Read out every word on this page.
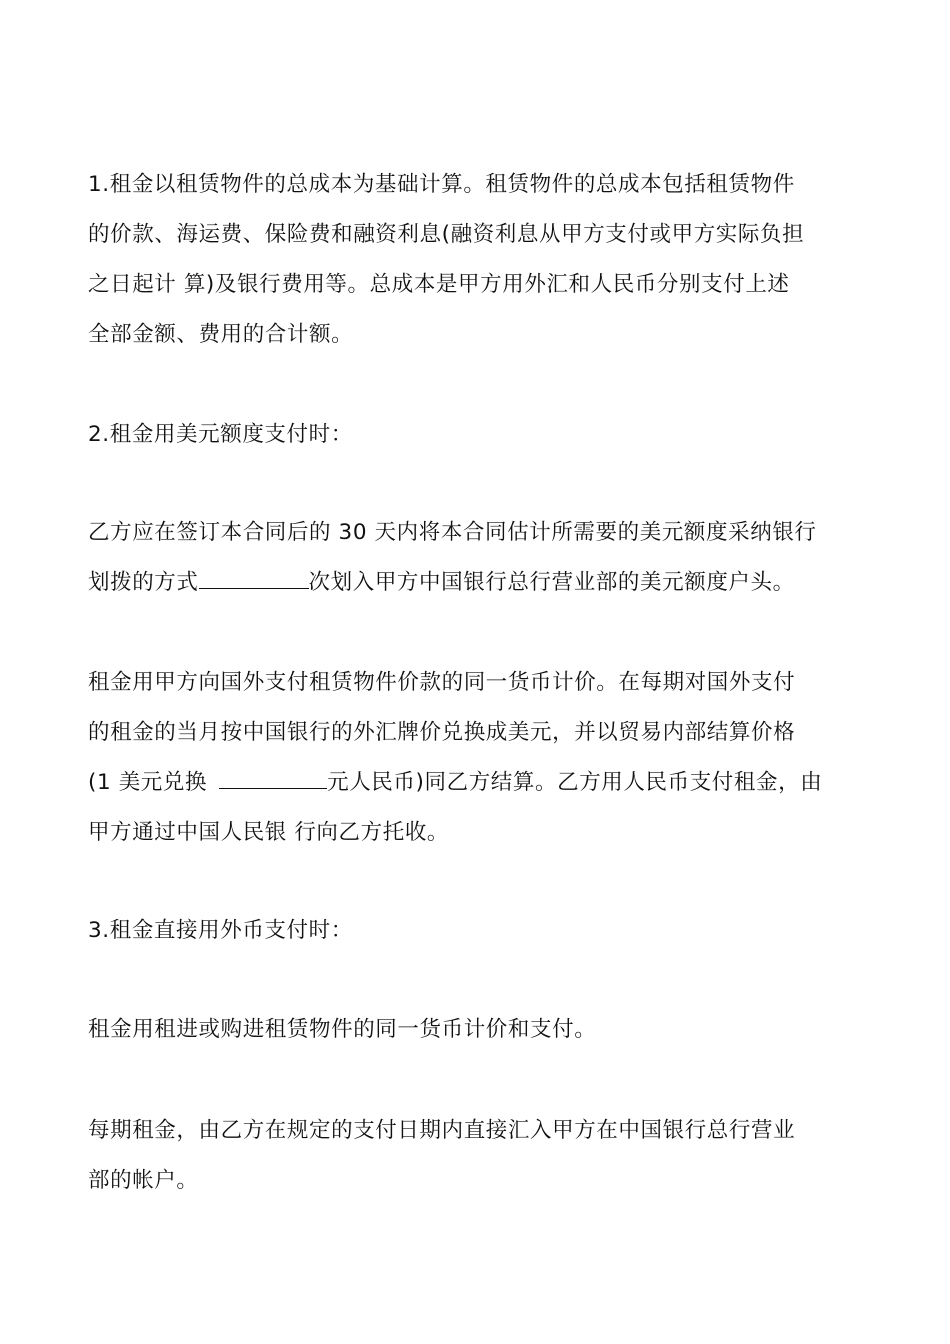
1.租金以租赁物件的总成本为基础计算。租赁物件的总成本包括租赁物件
的价款、海运费、保险费和融资利息(融资利息从甲方支付或甲方实际负担
之日起计 算)及银行费用等。总成本是甲方用外汇和人民币分别支付上述
全部金额、费用的合计额。
2.租金用美元额度支付时：
乙方应在签订本合同后的 30 天内将本合同估计所需要的美元额度采纳银行
划拨的方式	次划入甲方中国银行总行营业部的美元额度户头。
租金用甲方向国外支付租赁物件价款的同一货币计价。在每期对国外支付
的租金的当月按中国银行的外汇牌价兑换成美元，并以贸易内部结算价格
(1 美元兑换	元人民币)同乙方结算。乙方用人民币支付租金，由
甲方通过中国人民银 行向乙方托收。
3.租金直接用外币支付时：
租金用租进或购进租赁物件的同一货币计价和支付。
每期租金，由乙方在规定的支付日期内直接汇入甲方在中国银行总行营业
部的帐户。
